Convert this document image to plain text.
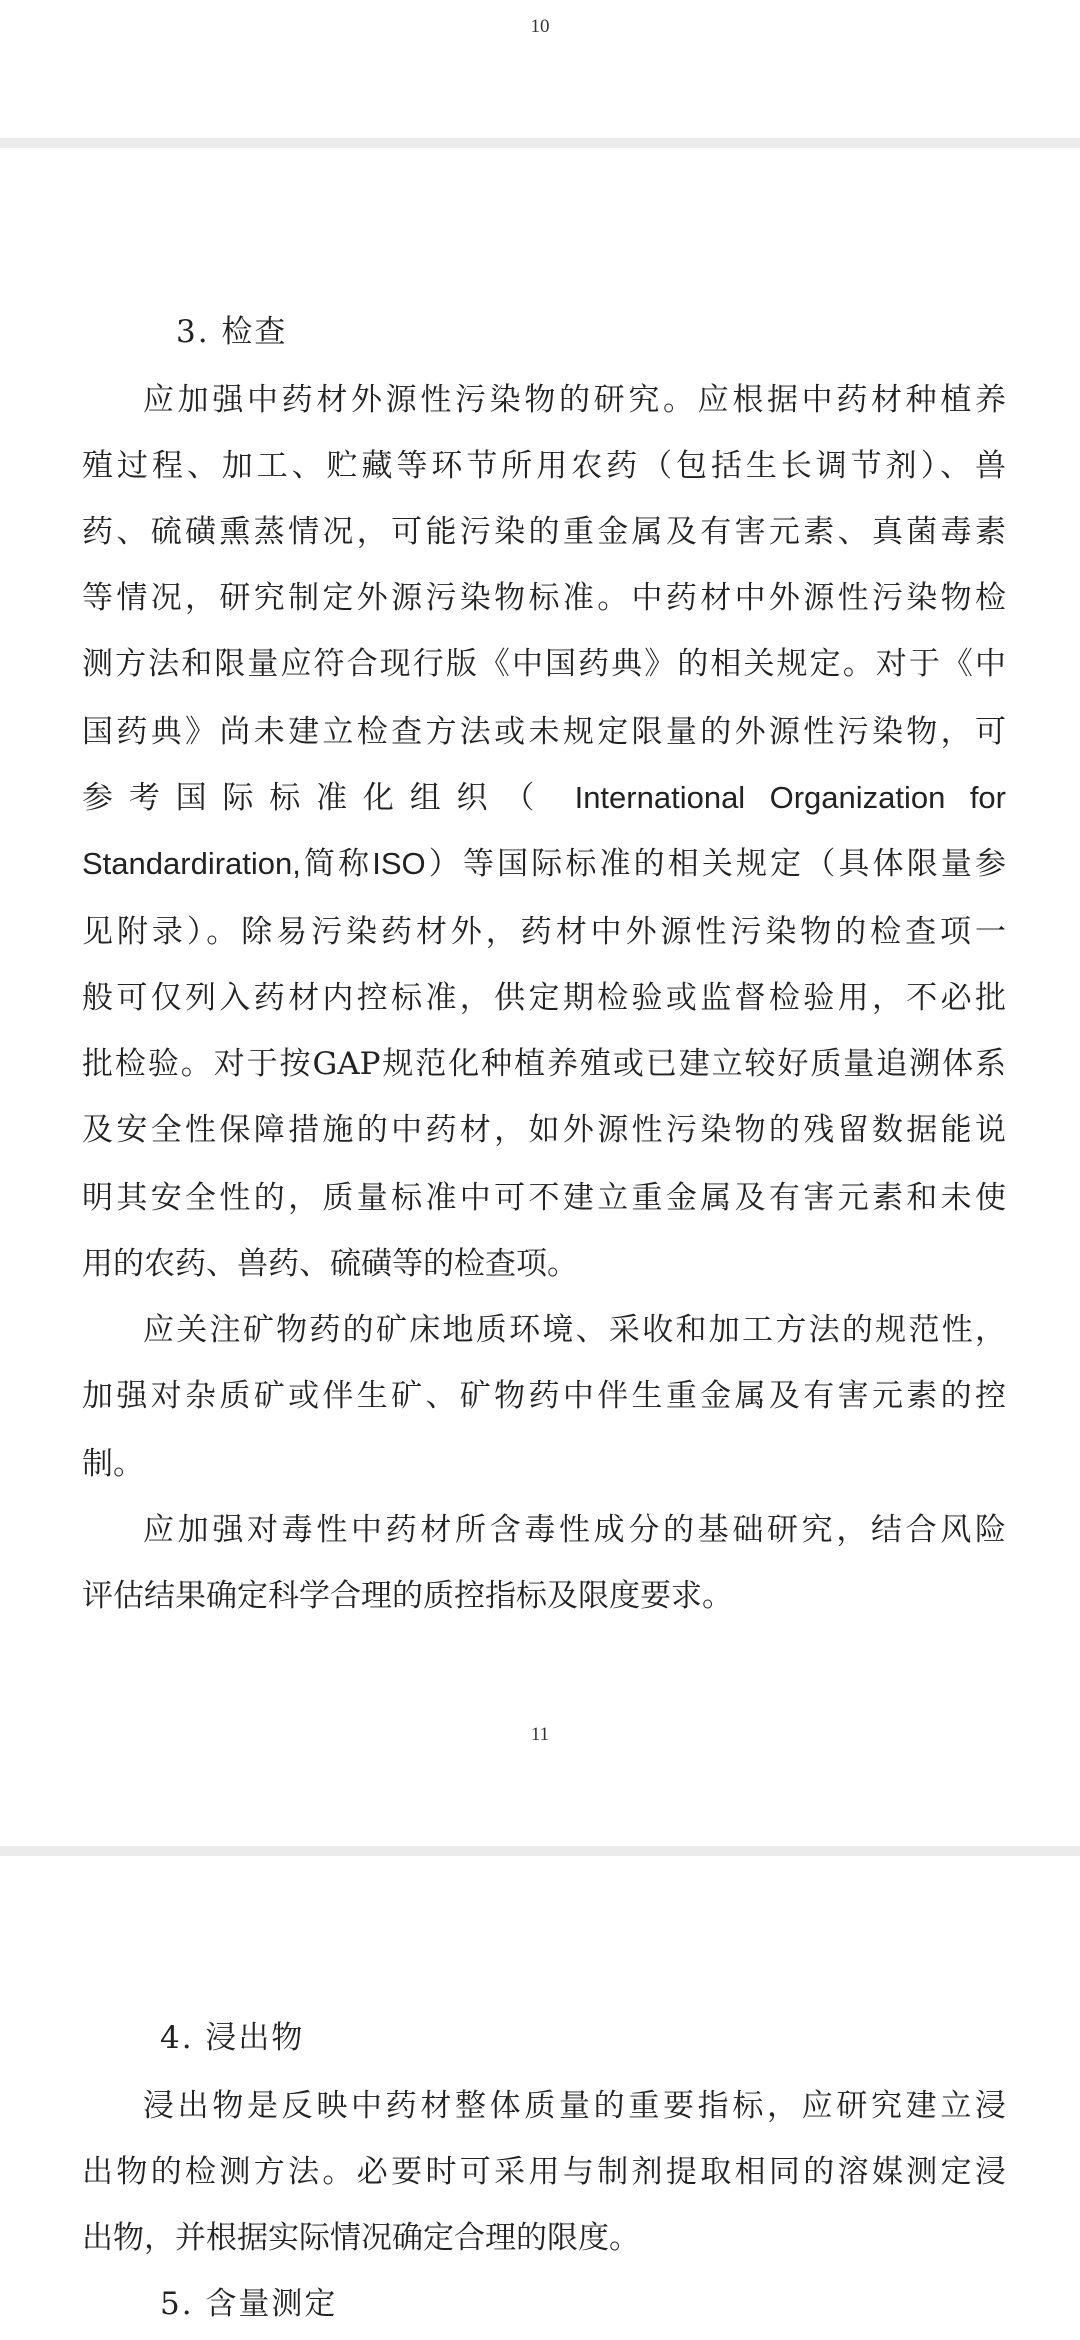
10
3. 检查
应加强中药材外源性污染物的研究。应根据中药材种植养
殖过程、加工、贮藏等环节所用农药（包括生长调节剂）、兽
药、硫磺熏蒸情况，可能污染的重金属及有害元素、真菌毒素
等情况，研究制定外源污染物标准。中药材中外源性污染物检
测方法和限量应符合现行版《中国药典》的相关规定。对于《中
国药典》尚未建立检查方法或未规定限量的外源性污染物，可
参考国际标准化组织（ International Organization for
Standardiration,简称ISO）等国际标准的相关规定（具体限量参
见附录）。除易污染药材外，药材中外源性污染物的检查项一
般可仅列入药材内控标准，供定期检验或监督检验用，不必批
批检验。对于按GAP规范化种植养殖或已建立较好质量追溯体系
及安全性保障措施的中药材，如外源性污染物的残留数据能说
明其安全性的，质量标准中可不建立重金属及有害元素和未使
用的农药、兽药、硫磺等的检查项。
应关注矿物药的矿床地质环境、采收和加工方法的规范性，
加强对杂质矿或伴生矿、矿物药中伴生重金属及有害元素的控
制。
应加强对毒性中药材所含毒性成分的基础研究，结合风险
评估结果确定科学合理的质控指标及限度要求。
11
4. 浸出物
浸出物是反映中药材整体质量的重要指标，应研究建立浸
出物的检测方法。必要时可采用与制剂提取相同的溶媒测定浸
出物，并根据实际情况确定合理的限度。
5. 含量测定
